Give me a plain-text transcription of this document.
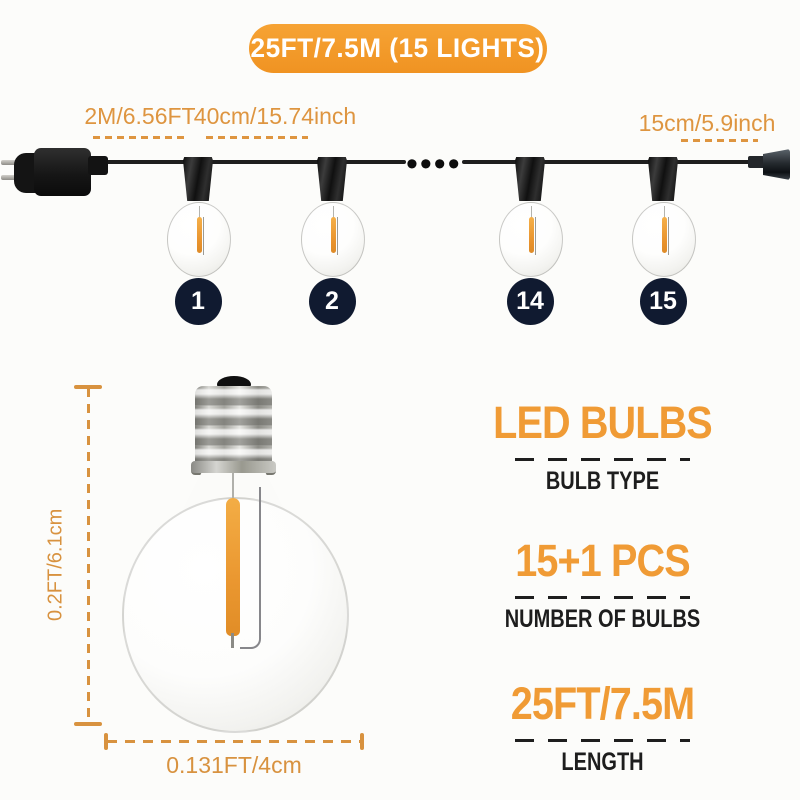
25FT/7.5M (15 LIGHTS)
2M/6.56FT
40cm/15.74inch	15cm/5.9inch
••••
1	2	14	15
0.2FT/6.1cm
0.131FT/4cm
LED BULBS
BULB TYPE
15+1 PCS
NUMBER OF BULBS
25FT/7.5M
LENGTH
